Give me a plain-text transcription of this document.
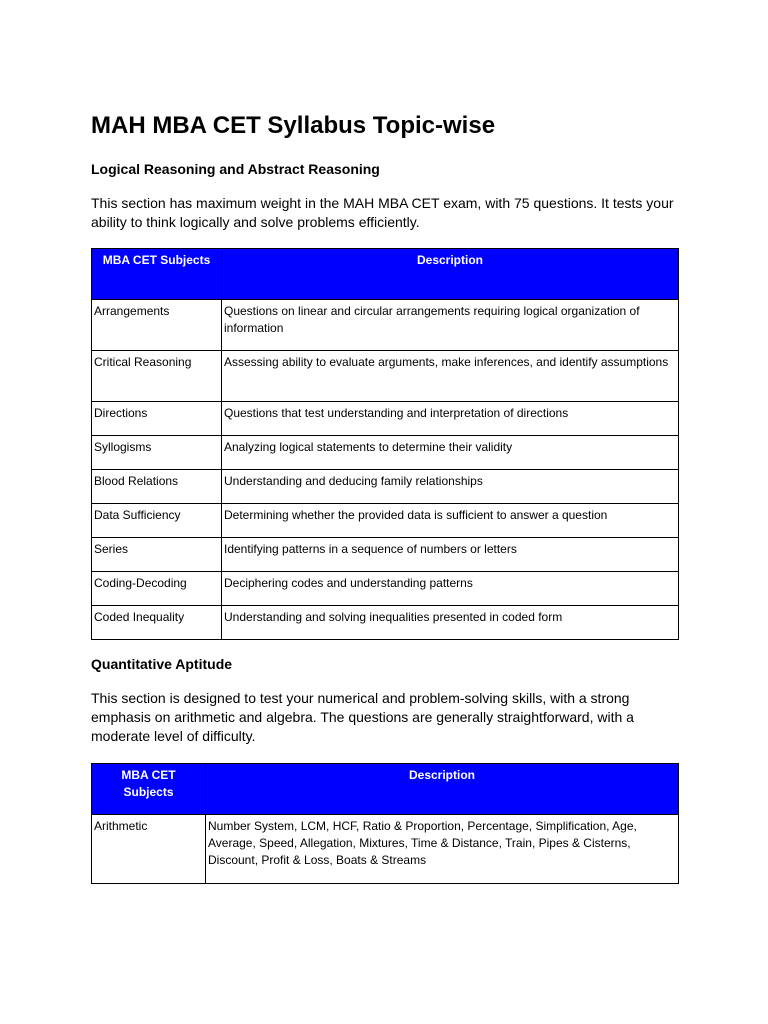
MAH MBA CET Syllabus Topic-wise
Logical Reasoning and Abstract Reasoning

This section has maximum weight in the MAH MBA CET exam, with 75 questions. It tests your ability to think logically and solve problems efficiently.

MBA CET Subjects	Description
Arrangements	Questions on linear and circular arrangements requiring logical organization of information
Critical Reasoning	Assessing ability to evaluate arguments, make inferences, and identify assumptions
Directions	Questions that test understanding and interpretation of directions
Syllogisms	Analyzing logical statements to determine their validity
Blood Relations	Understanding and deducing family relationships
Data Sufficiency	Determining whether the provided data is sufficient to answer a question
Series	Identifying patterns in a sequence of numbers or letters
Coding-Decoding	Deciphering codes and understanding patterns
Coded Inequality	Understanding and solving inequalities presented in coded form
Quantitative Aptitude

This section is designed to test your numerical and problem-solving skills, with a strong emphasis on arithmetic and algebra. The questions are generally straightforward, with a moderate level of difficulty.

MBA CET Subjects	Description
Arithmetic	Number System, LCM, HCF, Ratio & Proportion, Percentage, Simplification, Age, Average, Speed, Allegation, Mixtures, Time & Distance, Train, Pipes & Cisterns, Discount, Profit & Loss, Boats & Streams
